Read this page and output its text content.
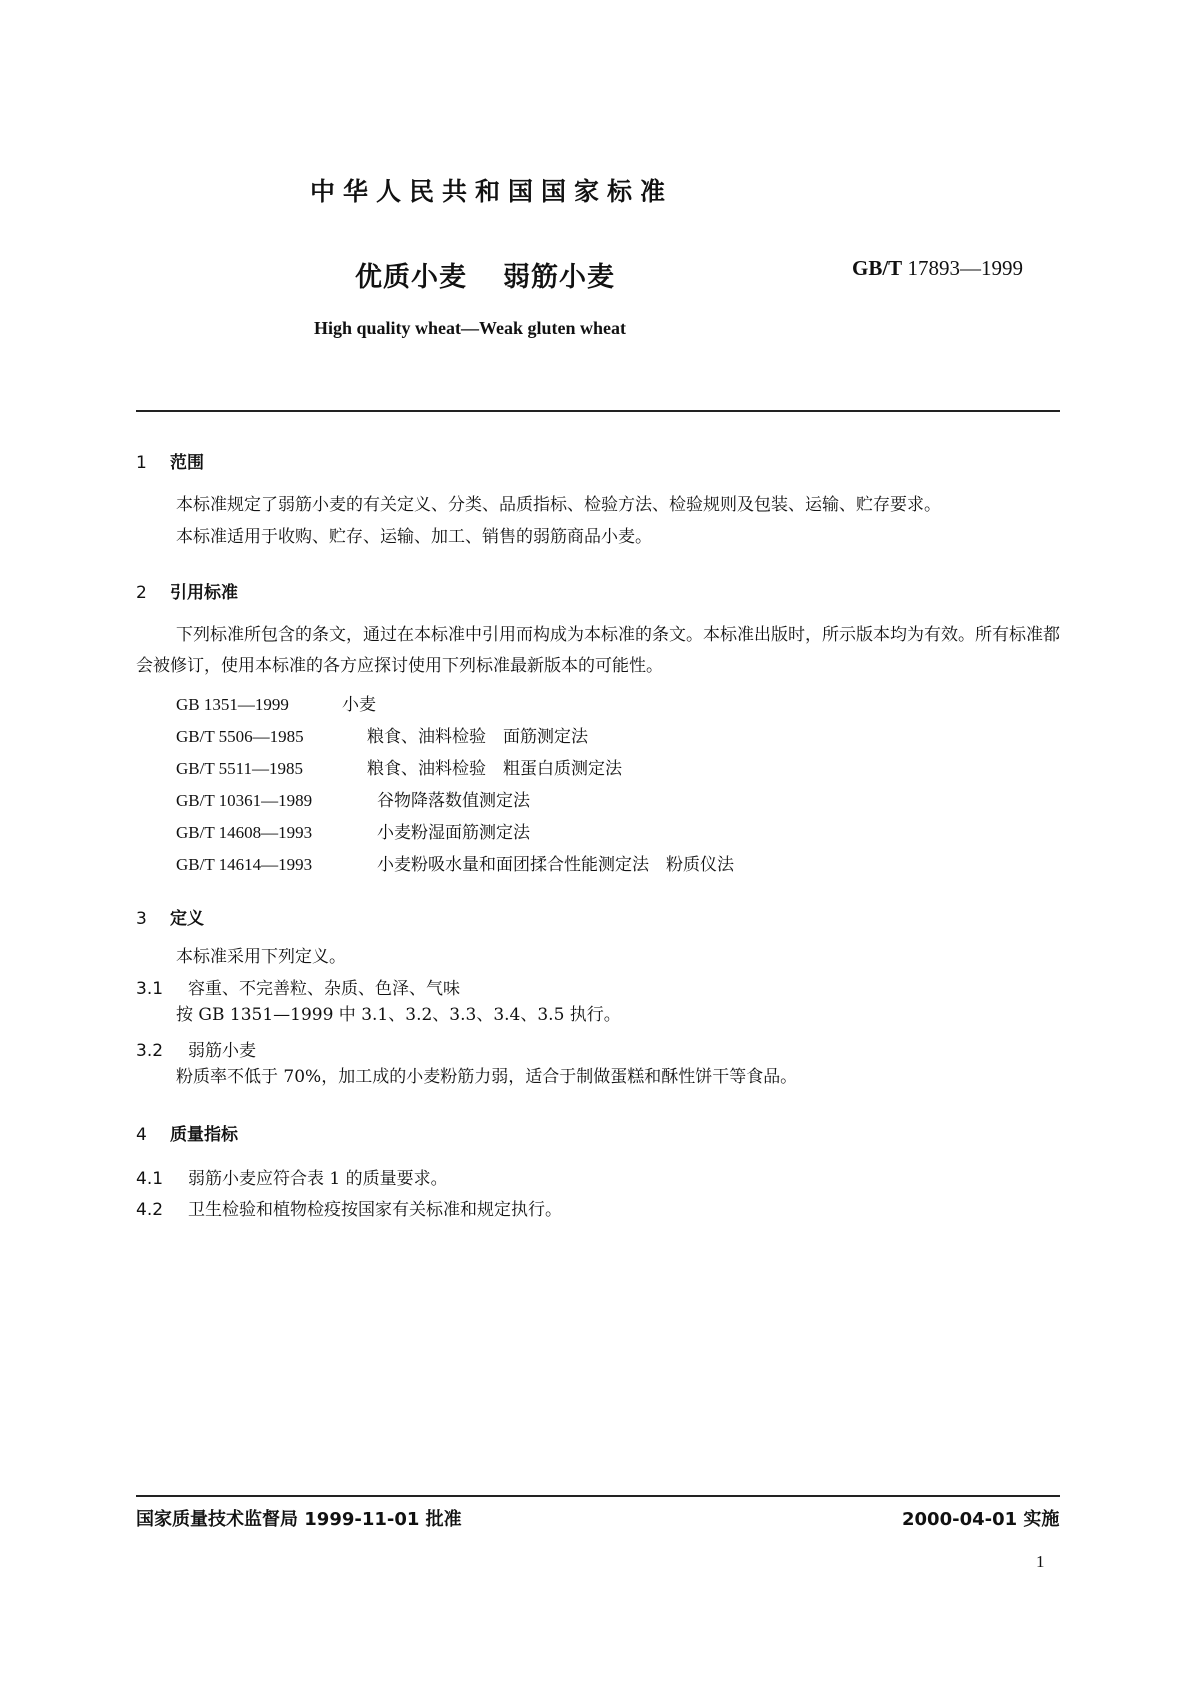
中华人民共和国国家标准
优质小麦 弱筋小麦	GB/T 17893—1999
High quality wheat—Weak gluten wheat
1 范围
本标准规定了弱筋小麦的有关定义、分类、品质指标、检验方法、检验规则及包装、运输、贮存要求。
本标准适用于收购、贮存、运输、加工、销售的弱筋商品小麦。
2 引用标准
下列标准所包含的条文，通过在本标准中引用而构成为本标准的条文。本标准出版时，所示版本均为有效。所有标准都会被修订，使用本标准的各方应探讨使用下列标准最新版本的可能性。
GB 1351—1999	小麦
GB/T 5506—1985	粮食、油料检验　面筋测定法
GB/T 5511—1985	粮食、油料检验　粗蛋白质测定法
GB/T 10361—1989	谷物降落数值测定法
GB/T 14608—1993	小麦粉湿面筋测定法
GB/T 14614—1993	小麦粉吸水量和面团揉合性能测定法　粉质仪法
3 定义
本标准采用下列定义。
3.1 容重、不完善粒、杂质、色泽、气味
按 GB 1351—1999 中 3.1、3.2、3.3、3.4、3.5 执行。
3.2 弱筋小麦
粉质率不低于 70%，加工成的小麦粉筋力弱，适合于制做蛋糕和酥性饼干等食品。
4 质量指标
4.1 弱筋小麦应符合表 1 的质量要求。
4.2 卫生检验和植物检疫按国家有关标准和规定执行。
国家质量技术监督局 1999-11-01 批准	2000-04-01 实施
1
